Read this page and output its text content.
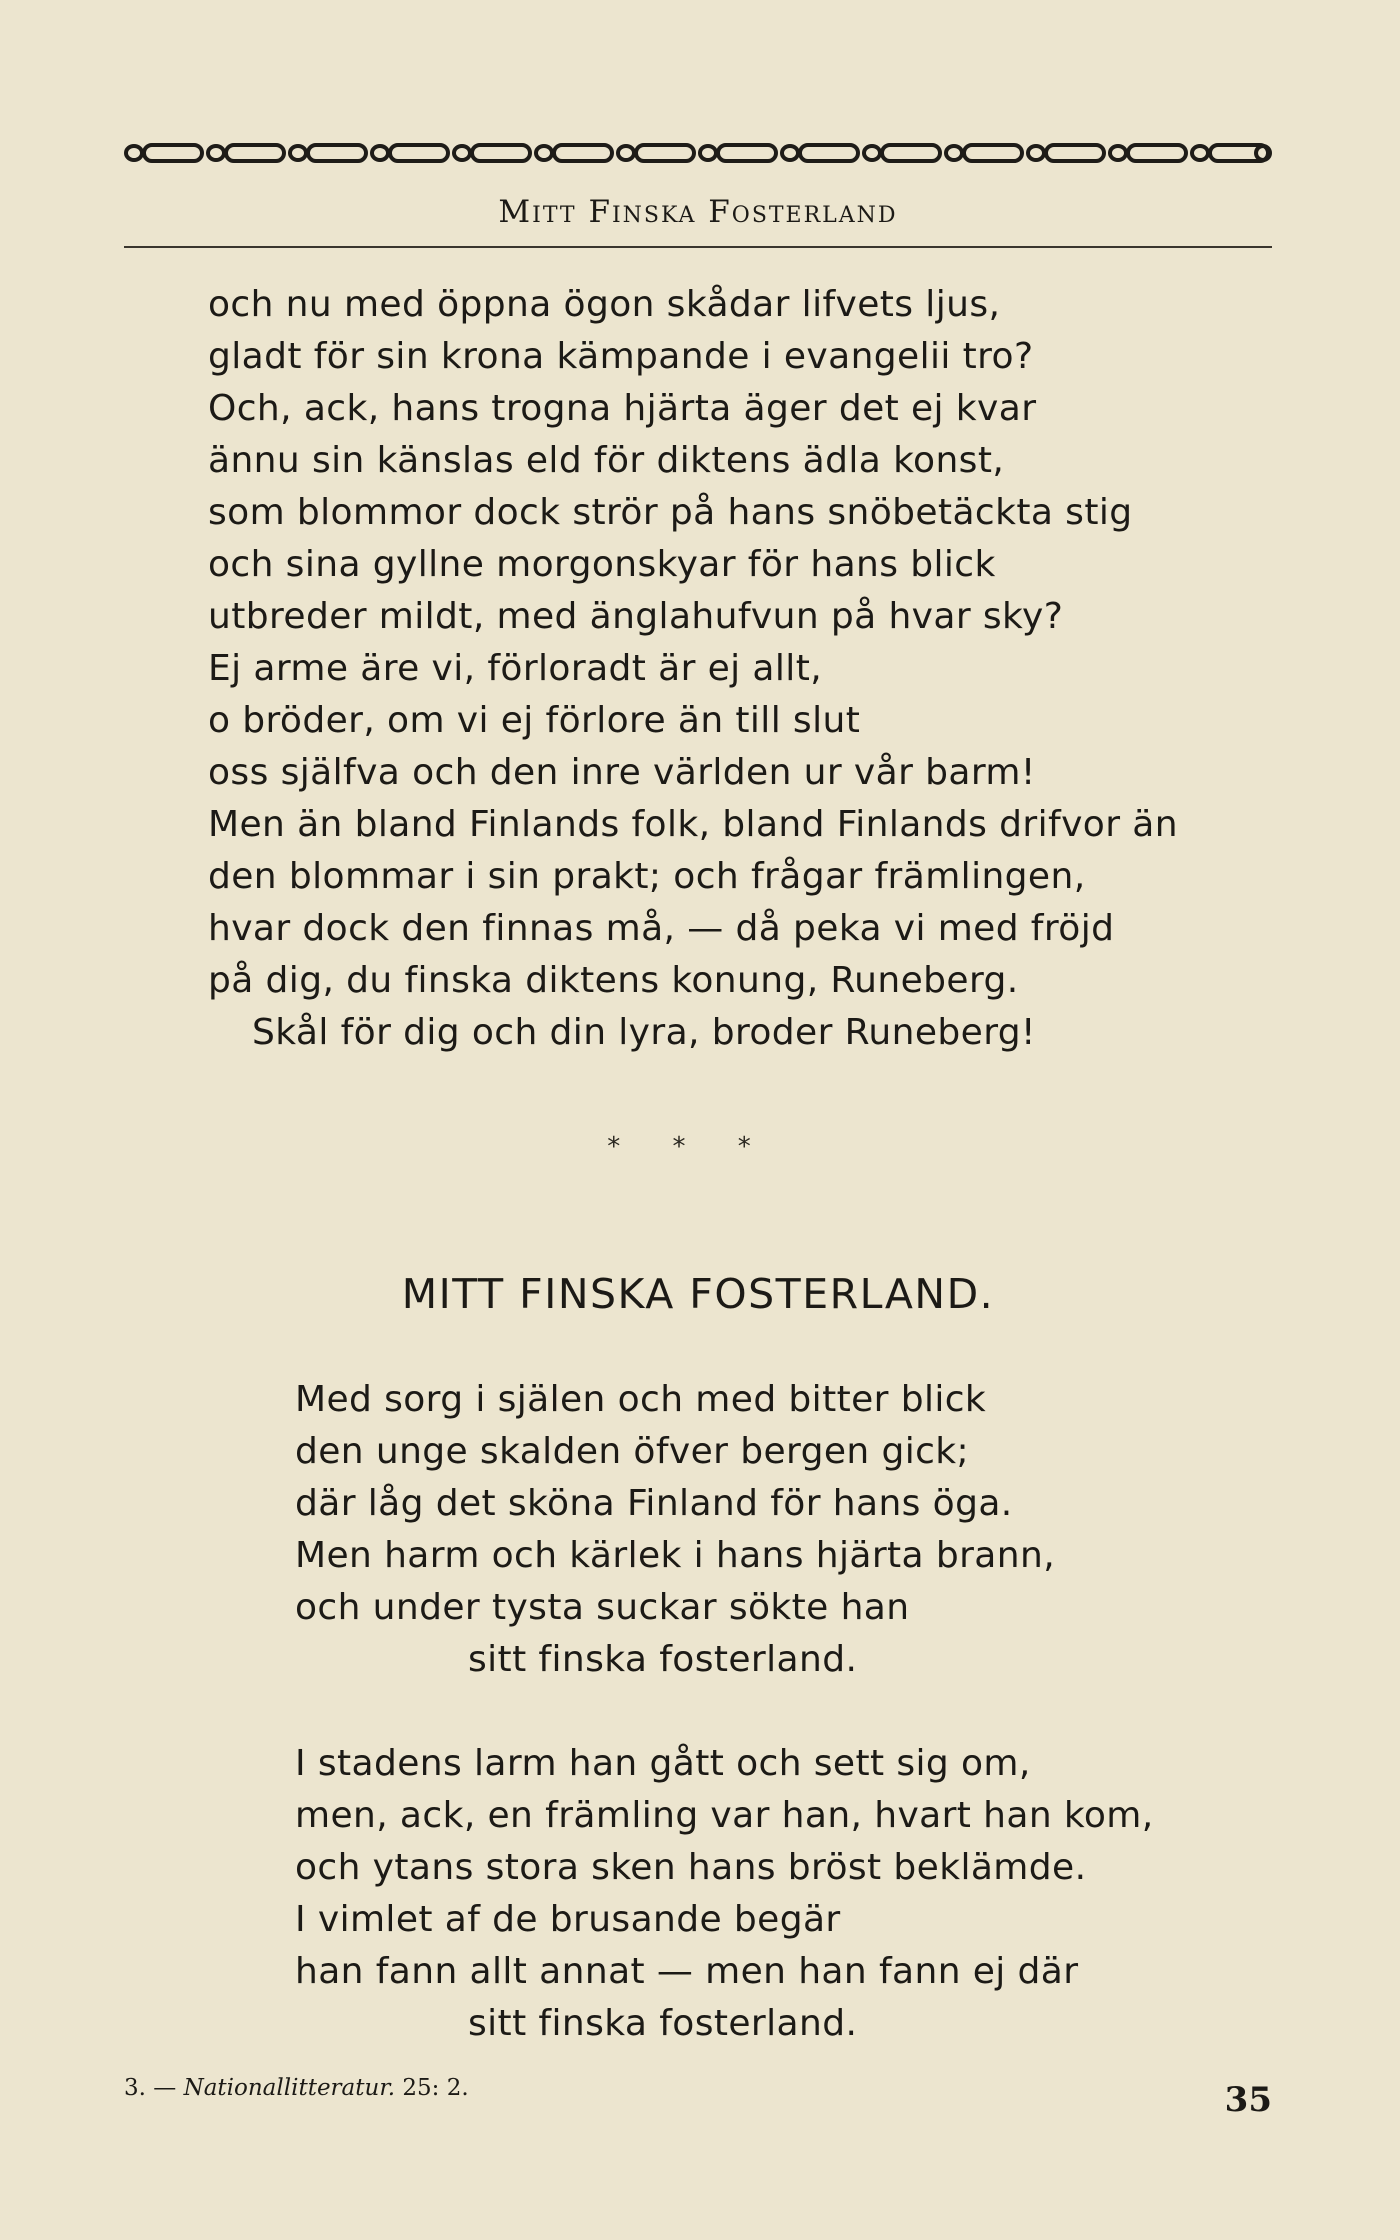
Mitt Finska Fosterland
och nu med öppna ögon skådar lifvets ljus,
gladt för sin krona kämpande i evangelii tro?
Och, ack, hans trogna hjärta äger det ej kvar
ännu sin känslas eld för diktens ädla konst,
som blommor dock strör på hans snöbetäckta stig
och sina gyllne morgonskyar för hans blick
utbreder mildt, med änglahufvun på hvar sky?
Ej arme äre vi, förloradt är ej allt,
o bröder, om vi ej förlore än till slut
oss själfva och den inre världen ur vår barm!
Men än bland Finlands folk, bland Finlands drifvor än
den blommar i sin prakt; och frågar främlingen,
hvar dock den finnas må, — då peka vi med fröjd
på dig, du finska diktens konung, Runeberg.
Skål för dig och din lyra, broder Runeberg!
* * *
MITT FINSKA FOSTERLAND.
Med sorg i själen och med bitter blick
den unge skalden öfver bergen gick;
där låg det sköna Finland för hans öga.
Men harm och kärlek i hans hjärta brann,
och under tysta suckar sökte han
sitt finska fosterland.
I stadens larm han gått och sett sig om,
men, ack, en främling var han, hvart han kom,
och ytans stora sken hans bröst beklämde.
I vimlet af de brusande begär
han fann allt annat — men han fann ej där
sitt finska fosterland.
3. — Nationallitteratur. 25: 2.	35
